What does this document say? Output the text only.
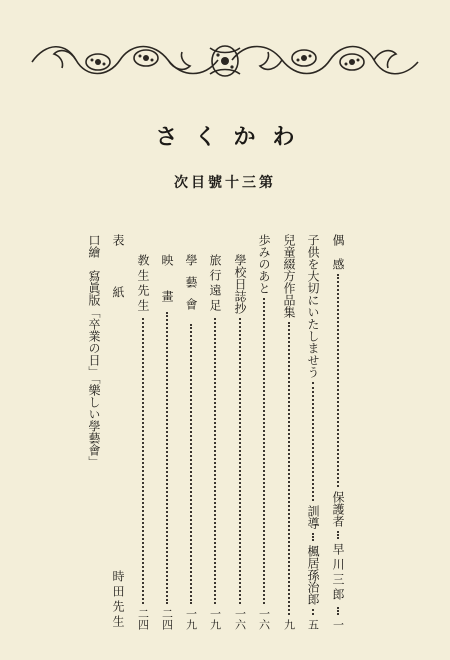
さくかわ
第三十號目次
偶　感
保護者
早川三郎
一
子供を大切にいたしませう
訓導
楓居孫治郎
五
兒童綴方作品集
九
歩みのあと
一六
學校日誌抄
一六
旅行遠足
一九
學藝會
一九
映　畫
二四
教生先生
二四
表　紙
時田先生
口繪　寫眞版「卒業の日」「樂しい學藝會」
